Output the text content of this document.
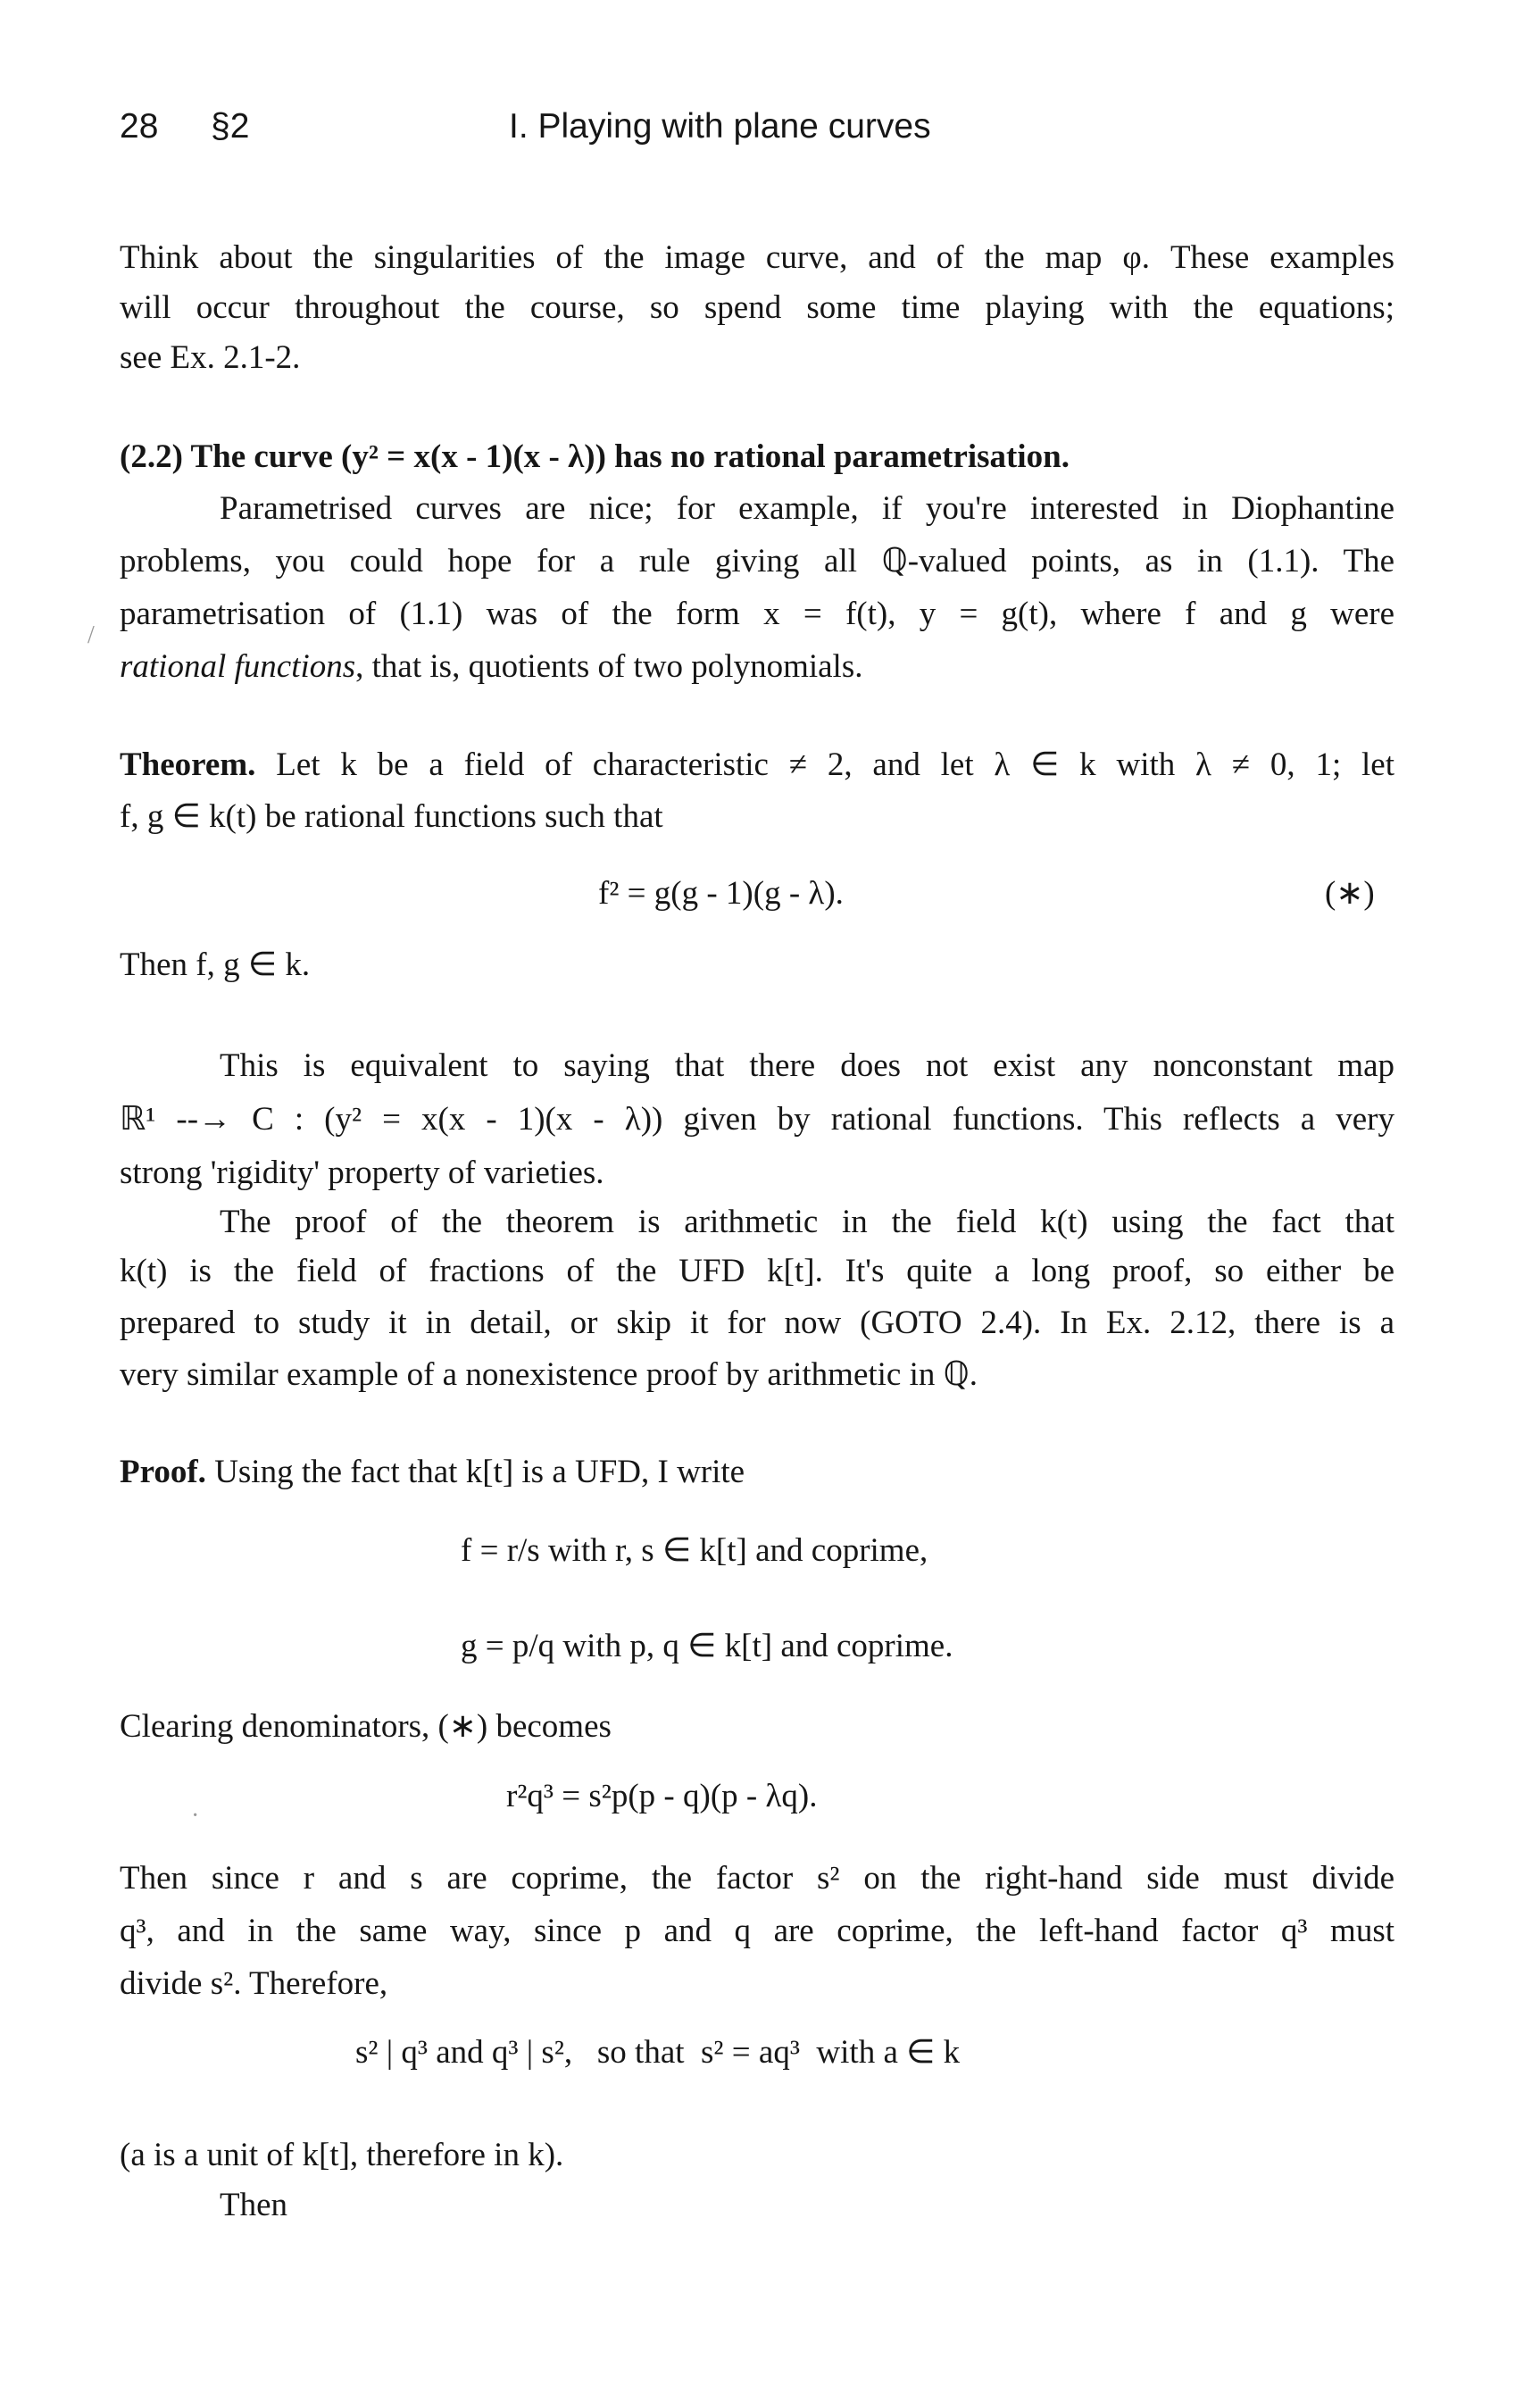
28 §2	I. Playing with plane curves
Think about the singularities of the image curve, and of the map φ. These examples
will occur throughout the course, so spend some time playing with the equations;
see Ex. 2.1-2.
(2.2) The curve (y² = x(x - 1)(x - λ)) has no rational parametrisation.
Parametrised curves are nice; for example, if you're interested in Diophantine
problems, you could hope for a rule giving all ℚ-valued points, as in (1.1). The
parametrisation of (1.1) was of the form x = f(t), y = g(t), where f and g were
rational functions, that is, quotients of two polynomials.
/
Theorem. Let k be a field of characteristic ≠ 2, and let λ ∈ k with λ ≠ 0, 1; let
f, g ∈ k(t) be rational functions such that
f² = g(g - 1)(g - λ).	(∗)
Then f, g ∈ k.
This is equivalent to saying that there does not exist any nonconstant map
ℝ¹ --→ C : (y² = x(x - 1)(x - λ)) given by rational functions. This reflects a very
strong 'rigidity' property of varieties.
The proof of the theorem is arithmetic in the field k(t) using the fact that
k(t) is the field of fractions of the UFD k[t]. It's quite a long proof, so either be
prepared to study it in detail, or skip it for now (GOTO 2.4). In Ex. 2.12, there is a
very similar example of a nonexistence proof by arithmetic in ℚ.
Proof. Using the fact that k[t] is a UFD, I write
f = r/s with r, s ∈ k[t] and coprime,
g = p/q with p, q ∈ k[t] and coprime.
Clearing denominators, (∗) becomes
r²q³ = s²p(p - q)(p - λq).
·
Then since r and s are coprime, the factor s² on the right-hand side must divide
q³, and in the same way, since p and q are coprime, the left-hand factor q³ must
divide s². Therefore,
s² | q³ and q³ | s²,   so that  s² = aq³  with a ∈ k
(a is a unit of k[t], therefore in k).
Then
